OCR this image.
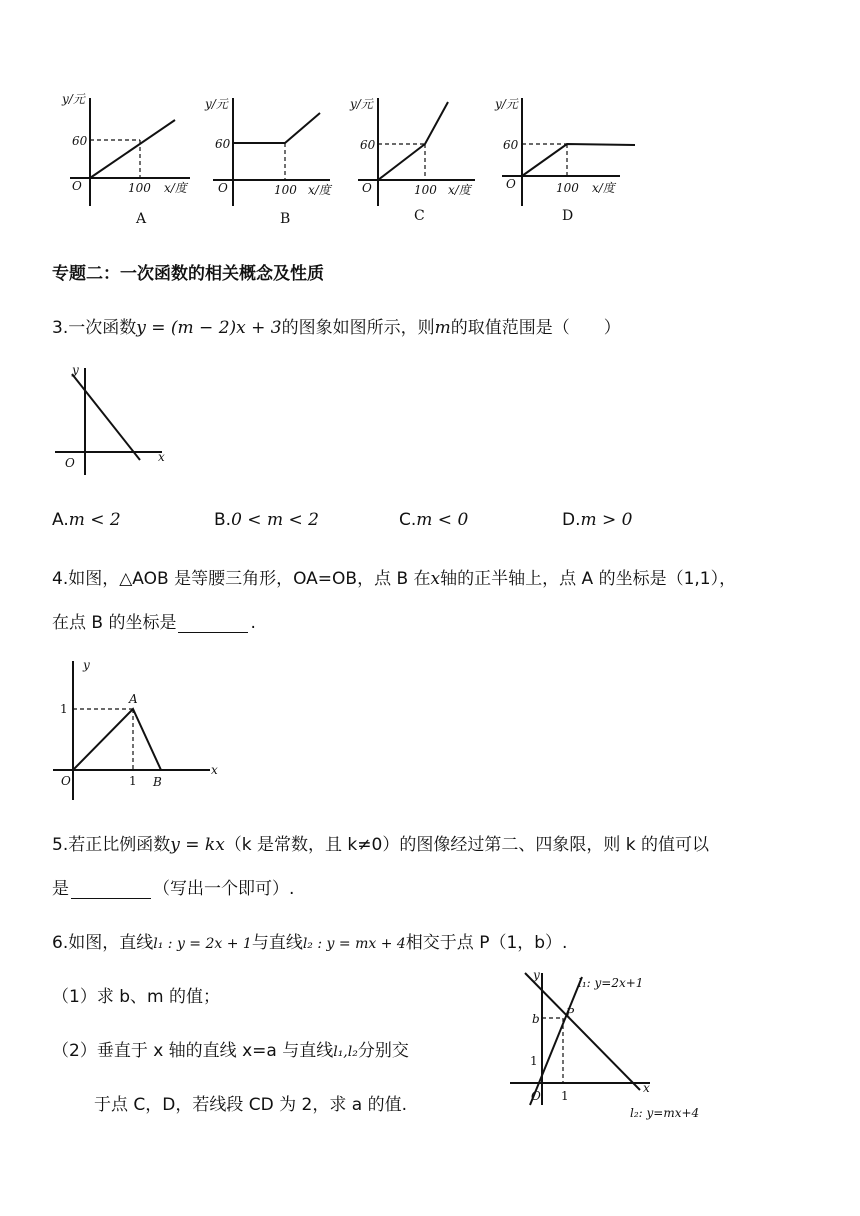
y/元
60
O	100 x/度
A
y/元
60
O	100 x/度
B
y/元
60
O	100 x/度
C
y/元
60
O	100 x/度
D
专题二：一次函数的相关概念及性质
3.一次函数y = (m − 2)x + 3的图象如图所示，则m的取值范围是（　　）
y
x
O
A.m < 2	B.0 < m < 2	C.m < 0	D.m > 0
4.如图，△AOB 是等腰三角形，OA=OB，点 B 在x轴的正半轴上，点 A 的坐标是（1,1），
在点 B 的坐标是	.
y
x
O
1
1
A
B
5.若正比例函数y = kx（k 是常数，且 k≠0）的图像经过第二、四象限，则 k 的值可以
是	（写出一个即可）.
6.如图，直线l₁ : y = 2x + 1与直线l₂ : y = mx + 4相交于点 P（1，b）.
（1）求 b、m 的值；
（2）垂直于 x 轴的直线 x=a 与直线l₁,l₂分别交
于点 C，D，若线段 CD 为 2，求 a 的值.
y
x
O
b
1
1
P
l₁: y=2x+1
l₂: y=mx+4
